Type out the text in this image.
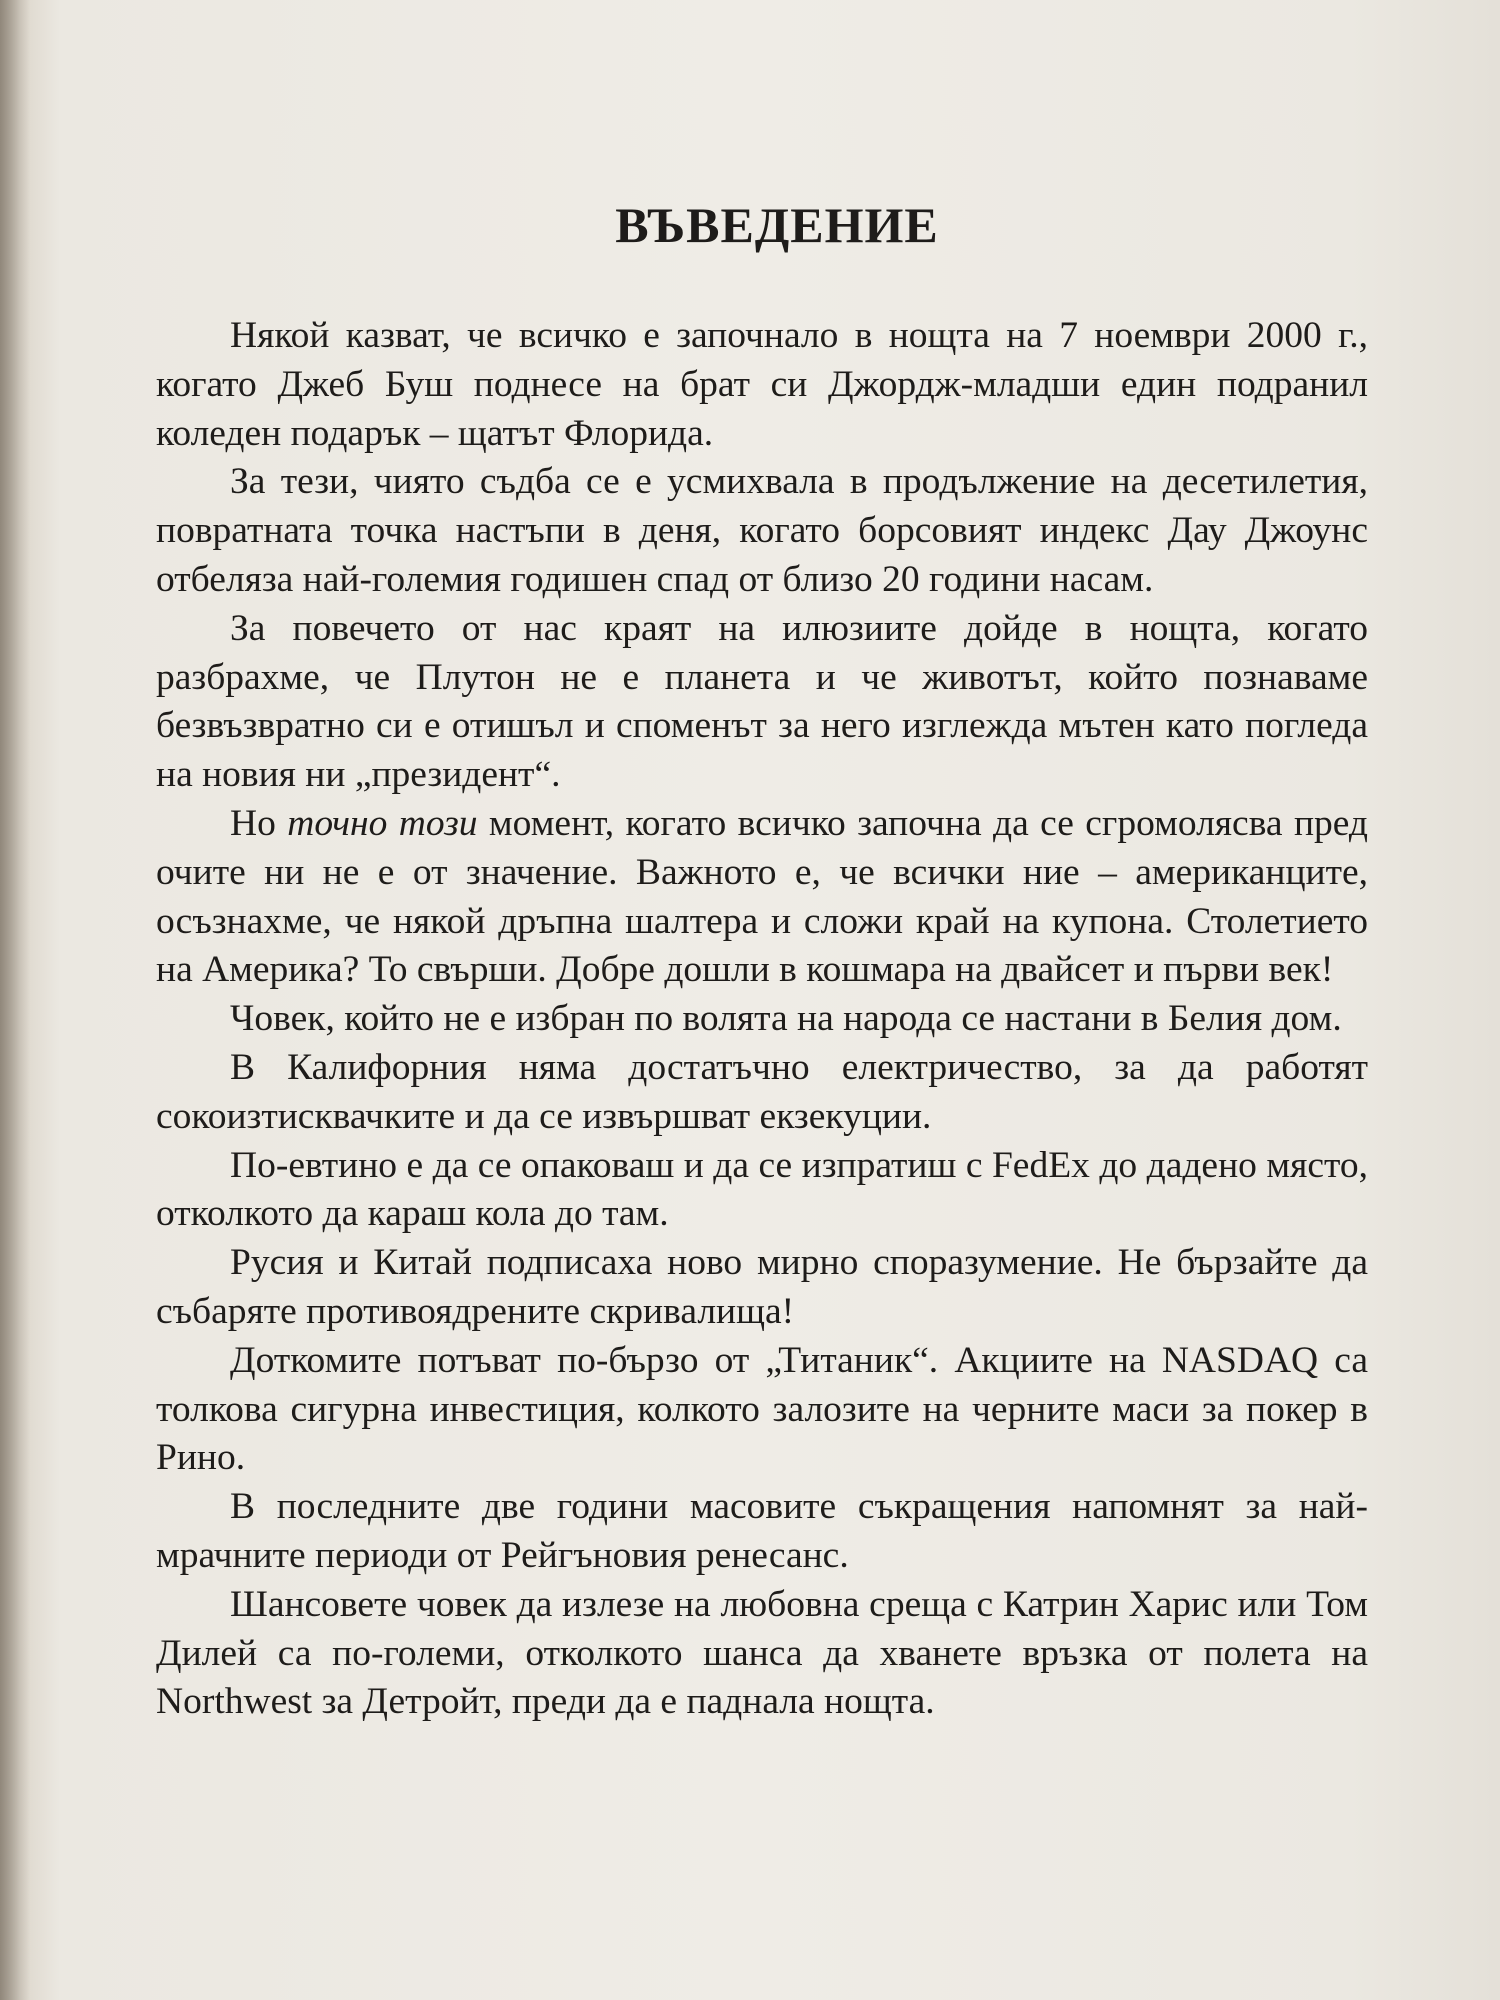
ВЪВЕДЕНИЕ

Някой казват, че всичко е започнало в нощта на 7 ноември 2000 г., когато Джеб Буш поднесе на брат си Джордж-младши един подранил коледен подарък – щатът Флорида.

За тези, чиято съдба се е усмихвала в продължение на десетилетия, повратната точка настъпи в деня, когато борсовият индекс Дау Джоунс отбеляза най-големия годишен спад от близо 20 години насам.

За повечето от нас краят на илюзиите дойде в нощта, когато разбрахме, че Плутон не е планета и че животът, който познаваме безвъзвратно си е отишъл и споменът за него изглежда мътен като погледа на новия ни „президент“.

Но точно този момент, когато всичко започна да се сгромолясва пред очите ни не е от значение. Важното е, че всички ние – американците, осъзнахме, че някой дръпна шалтера и сложи край на купона. Столетието на Америка? То свърши. Добре дошли в кошмара на двайсет и първи век!

Човек, който не е избран по волята на народа се настани в Белия дом.

В Калифорния няма достатъчно електричество, за да работят сокоизтисквачките и да се извършват екзекуции.

По-евтино е да се опаковаш и да се изпратиш с FedEx до дадено място, отколкото да караш кола до там.

Русия и Китай подписаха ново мирно споразумение. Не бързайте да събаряте противоядрените скривалища!

Доткомите потъват по-бързо от „Титаник“. Акциите на NASDAQ са толкова сигурна инвестиция, колкото залозите на черните маси за покер в Рино.

В последните две години масовите съкращения напомнят за най-мрачните периоди от Рейгъновия ренесанс.

Шансовете човек да излезе на любовна среща с Катрин Харис или Том Дилей са по-големи, отколкото шанса да хванете връзка от полета на Northwest за Детройт, преди да е паднала нощта.
